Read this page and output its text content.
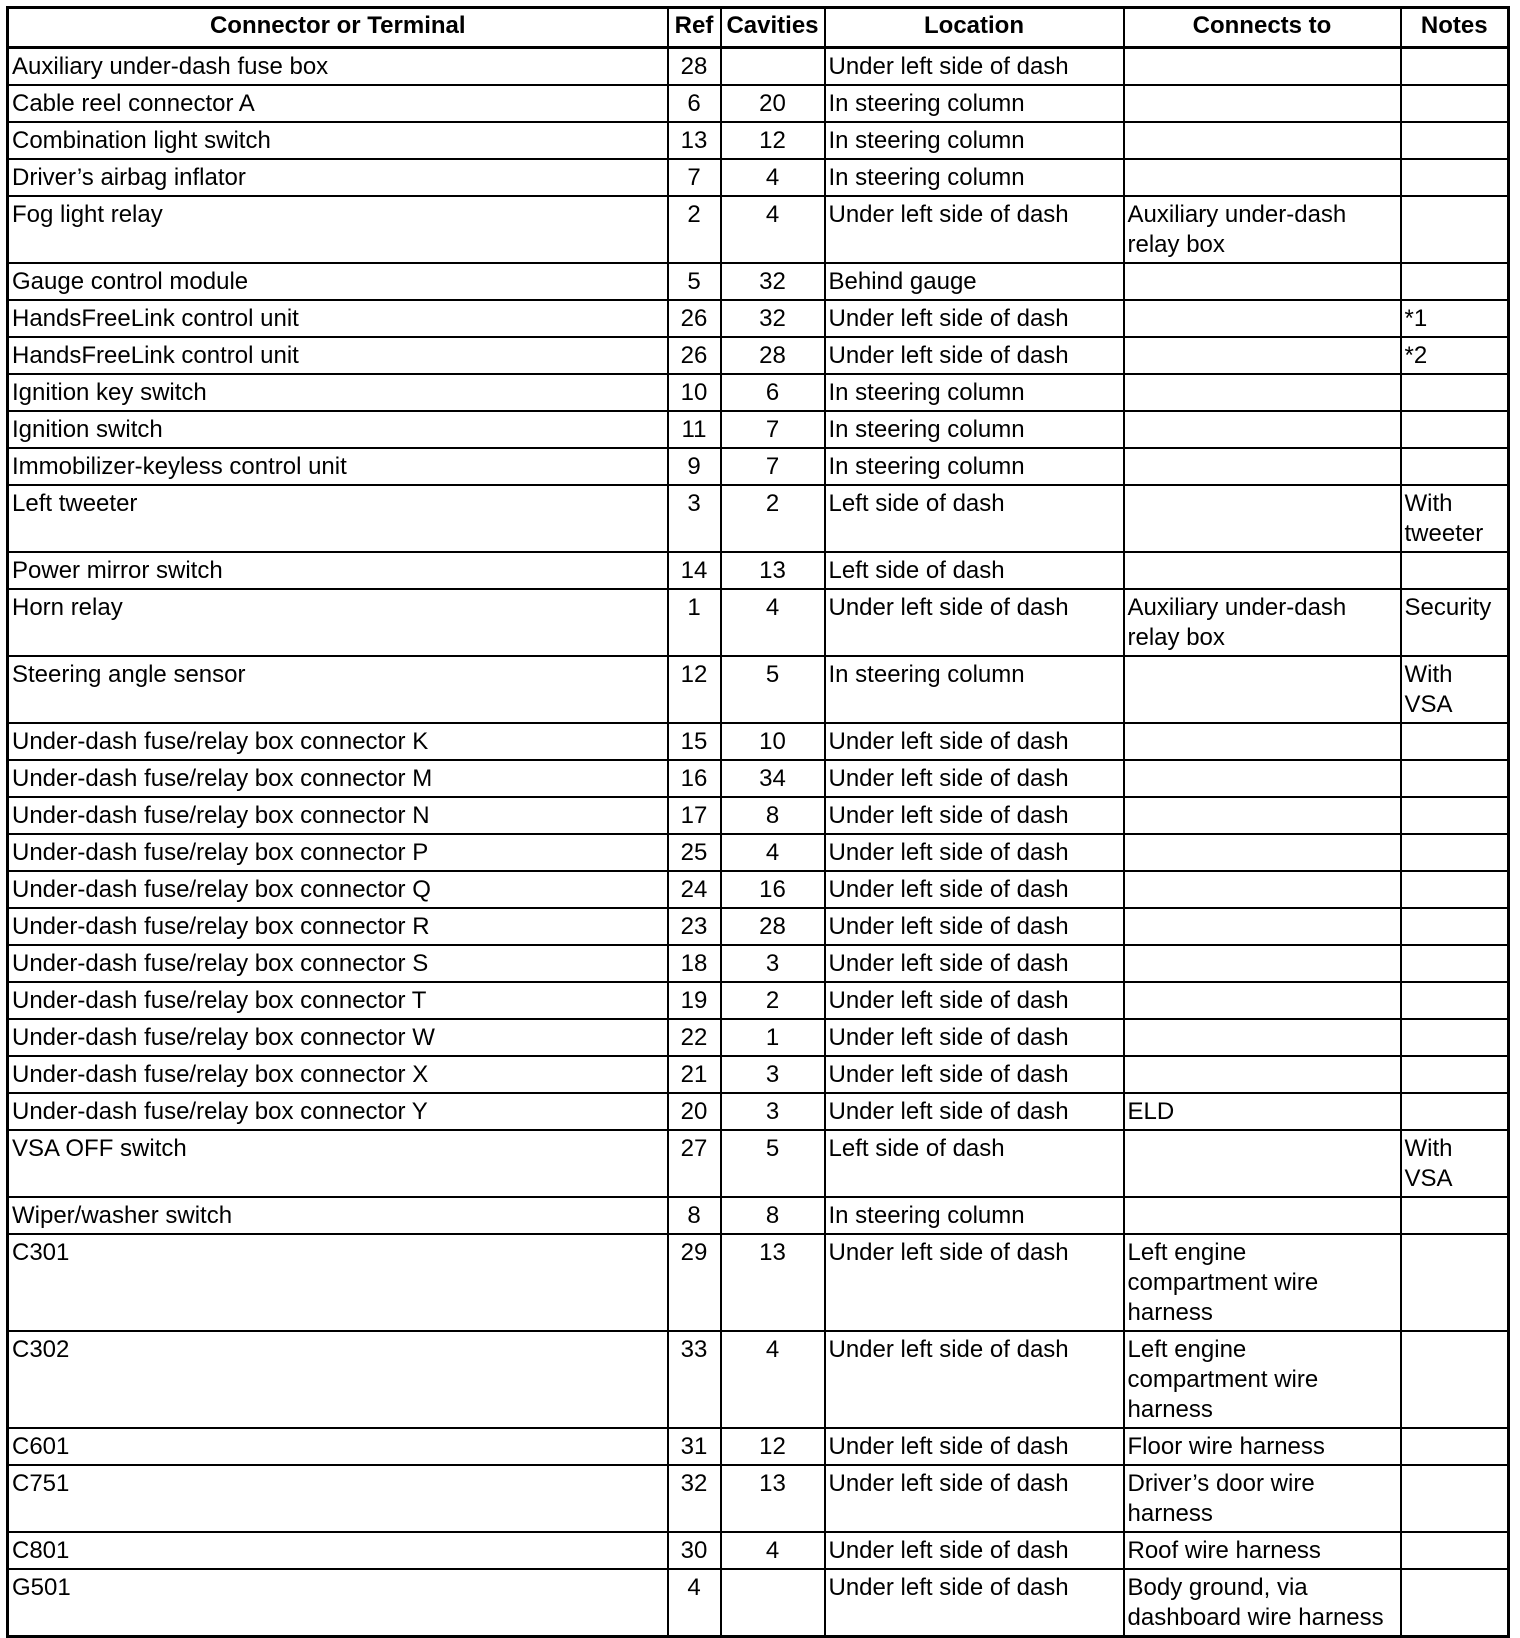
Connector or Terminal	Ref	Cavities	Location	Connects to	Notes
Auxiliary under-dash fuse box	28		Under left side of dash		
Cable reel connector A	6	20	In steering column		
Combination light switch	13	12	In steering column		
Driver’s airbag inflator	7	4	In steering column		
Fog light relay	2	4	Under left side of dash	Auxiliary under-dash
relay box	
Gauge control module	5	32	Behind gauge		
HandsFreeLink control unit	26	32	Under left side of dash		*1
HandsFreeLink control unit	26	28	Under left side of dash		*2
Ignition key switch	10	6	In steering column		
Ignition switch	11	7	In steering column		
Immobilizer-keyless control unit	9	7	In steering column		
Left tweeter	3	2	Left side of dash		With
tweeter
Power mirror switch	14	13	Left side of dash		
Horn relay	1	4	Under left side of dash	Auxiliary under-dash
relay box	Security
Steering angle sensor	12	5	In steering column		With
VSA
Under-dash fuse/relay box connector K	15	10	Under left side of dash		
Under-dash fuse/relay box connector M	16	34	Under left side of dash		
Under-dash fuse/relay box connector N	17	8	Under left side of dash		
Under-dash fuse/relay box connector P	25	4	Under left side of dash		
Under-dash fuse/relay box connector Q	24	16	Under left side of dash		
Under-dash fuse/relay box connector R	23	28	Under left side of dash		
Under-dash fuse/relay box connector S	18	3	Under left side of dash		
Under-dash fuse/relay box connector T	19	2	Under left side of dash		
Under-dash fuse/relay box connector W	22	1	Under left side of dash		
Under-dash fuse/relay box connector X	21	3	Under left side of dash		
Under-dash fuse/relay box connector Y	20	3	Under left side of dash	ELD	
VSA OFF switch	27	5	Left side of dash		With
VSA
Wiper/washer switch	8	8	In steering column		
C301	29	13	Under left side of dash	Left engine
compartment wire
harness	
C302	33	4	Under left side of dash	Left engine
compartment wire
harness	
C601	31	12	Under left side of dash	Floor wire harness	
C751	32	13	Under left side of dash	Driver’s door wire
harness	
C801	30	4	Under left side of dash	Roof wire harness	
G501	4		Under left side of dash	Body ground, via
dashboard wire harness	
